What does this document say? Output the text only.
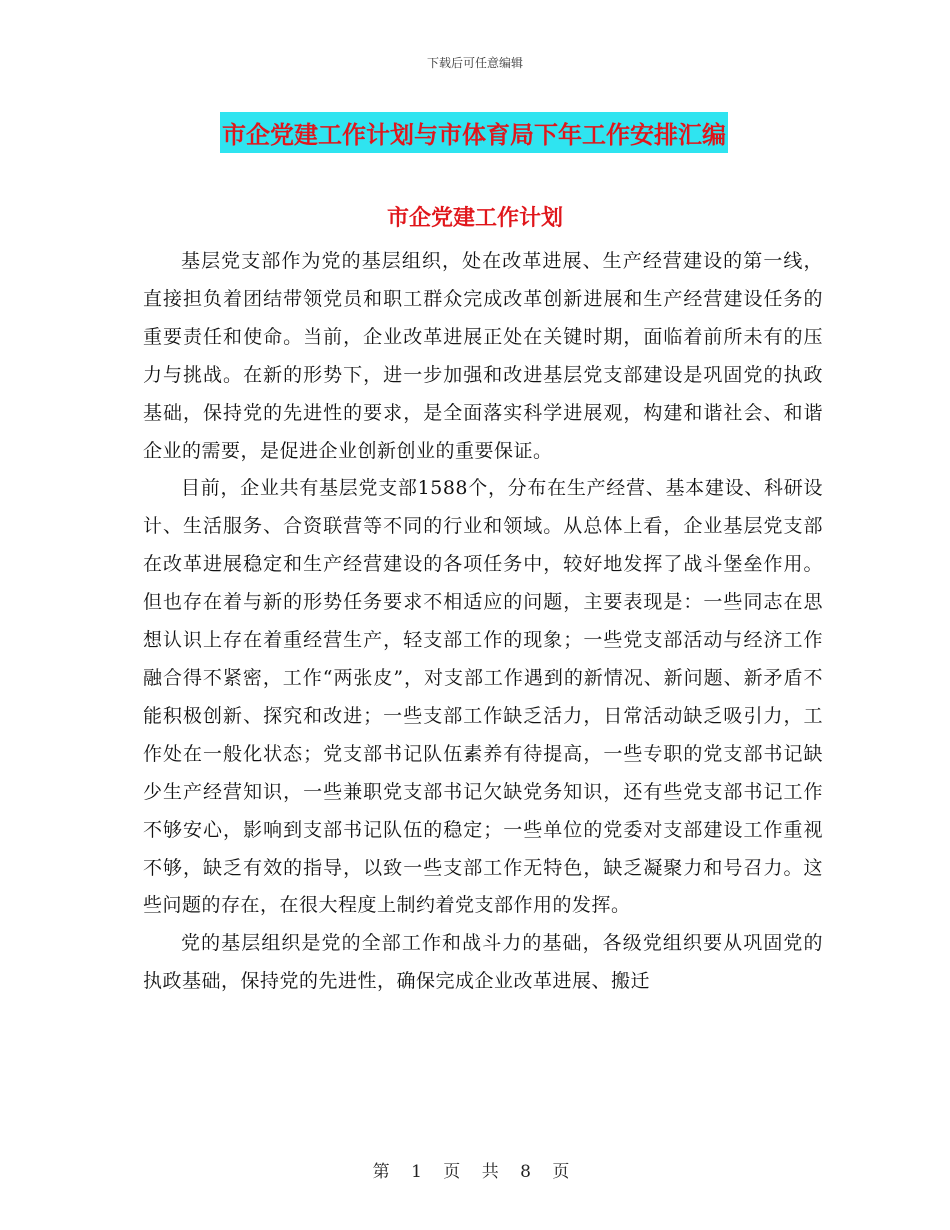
下载后可任意编辑
市企党建工作计划与市体育局下年工作安排汇编
市企党建工作计划

基层党支部作为党的基层组织，处在改革进展、生产经营建设的第一线，直接担负着团结带领党员和职工群众完成改革创新进展和生产经营建设任务的重要责任和使命。当前，企业改革进展正处在关键时期，面临着前所未有的压力与挑战。在新的形势下，进一步加强和改进基层党支部建设是巩固党的执政基础，保持党的先进性的要求，是全面落实科学进展观，构建和谐社会、和谐企业的需要，是促进企业创新创业的重要保证。

目前，企业共有基层党支部1588个，分布在生产经营、基本建设、科研设计、生活服务、合资联营等不同的行业和领域。从总体上看，企业基层党支部在改革进展稳定和生产经营建设的各项任务中，较好地发挥了战斗堡垒作用。但也存在着与新的形势任务要求不相适应的问题，主要表现是：一些同志在思想认识上存在着重经营生产，轻支部工作的现象；一些党支部活动与经济工作融合得不紧密，工作“两张皮”，对支部工作遇到的新情况、新问题、新矛盾不能积极创新、探究和改进；一些支部工作缺乏活力，日常活动缺乏吸引力，工作处在一般化状态；党支部书记队伍素养有待提高，一些专职的党支部书记缺少生产经营知识，一些兼职党支部书记欠缺党务知识，还有些党支部书记工作不够安心，影响到支部书记队伍的稳定；一些单位的党委对支部建设工作重视不够，缺乏有效的指导，以致一些支部工作无特色，缺乏凝聚力和号召力。这些问题的存在，在很大程度上制约着党支部作用的发挥。

党的基层组织是党的全部工作和战斗力的基础，各级党组织要从巩固党的执政基础，保持党的先进性，确保完成企业改革进展、搬迁

第 1 页 共 8 页
